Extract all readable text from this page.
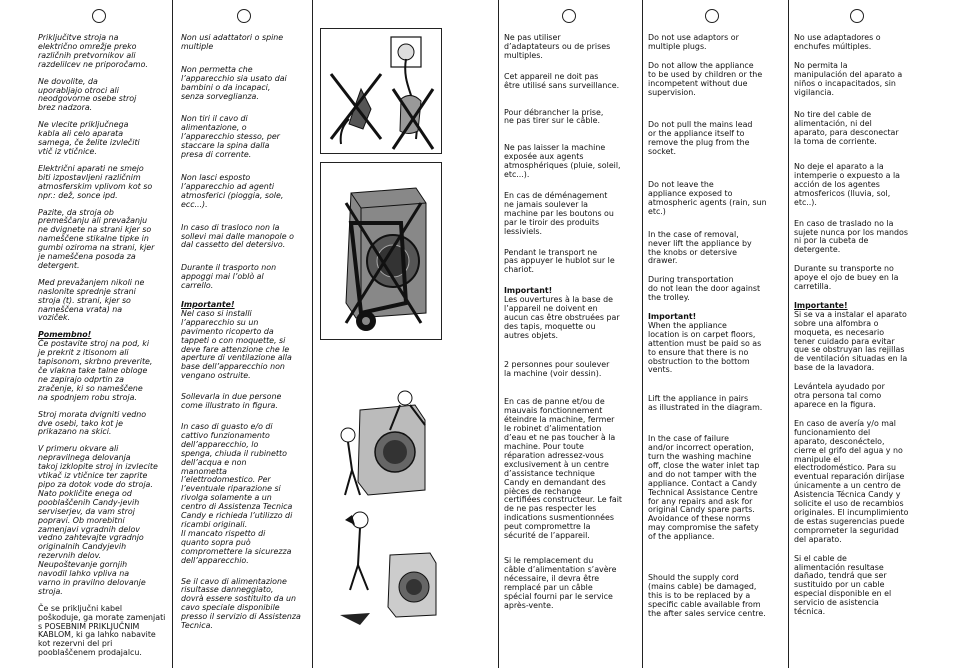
Priključitve stroja na
električno omrežje preko
različnih pretvornikov ali
razdelilcev ne priporočamo.

Ne dovolite, da
uporabljajo otroci ali
neodgovorne osebe stroj
brez nadzora.

Ne vlecite priključnega
kabla ali celo aparata
samega, če želite izvlečiti
vtič iz vtičnice.

Električni aparati ne smejo
biti izpostavljeni različnim
atmosferskim vplivom kot so
npr.: dež, sonce ipd.

Pazite, da stroja ob
premeščanju ali prevažanju
ne dvignete na strani kjer so
nameščene stikalne tipke in
gumbi oziroma na strani, kjer
je nameščena posoda za
detergent.

Med prevažanjem nikoli ne
naslonite sprednje strani
stroja (t). strani, kjer so
nameščena vrata) na
voziček.

Pomembno!

Če postavite stroj na pod, ki
je prekrit z itisonom ali
tapisonom, skrbno preverite,
če vlakna take talne obloge
ne zapirajo odprtin za
zračenje, ki so nameščene
na spodnjem robu stroja.

Stroj morata dvigniti vedno
dve osebi, tako kot je
prikazano na skici.

V primeru okvare ali
nepravilnega delovanja
takoj izklopite stroj in izvlecite
vtikač iz vtičnice ter zaprite
pipo za dotok vode do stroja.
Nato pokličite enega od
pooblaščenih Candy-jevih
serviserjev, da vam stroj
popravi. Ob morebitni
zamenjavi vgradnih delov
vedno zahtevajte vgradnjo
originalnih Candyjevih
rezervnih delov.
Neupoštevanje gornjih
navodil lahko vpliva na
varno in pravilno delovanje
stroja.

Če se priključni kabel
poškoduje, ga morate zamenjati
s POSEBNIM PRIKLJUČNIM
KABLOM, ki ga lahko nabavite
kot rezervni del pri
pooblaščenem prodajalcu.

Non usi adattatori o spine
multiple

Non permetta che
l’apparecchio sia usato dai
bambini o da incapaci,
senza sorveglianza.

Non tiri il cavo di
alimentazione, o
l’apparecchio stesso, per
staccare la spina dalla
presa di corrente.

Non lasci esposto
l’apparecchio ad agenti
atmosferici (pioggia, sole,
ecc...).

In caso di trasloco non la
sollevi mai dalle manopole o
dal cassetto del detersivo.

Durante il trasporto non
appoggi mai l’oblò al
carrello.

Importante!

Nel caso si installi
l’apparecchio su un
pavimento ricoperto da
tappeti o con moquette, si
deve fare attenzione che le
aperture di ventilazione alla
base dell’apparecchio non
vengano ostruite.

Sollevarla in due persone
come illustrato in figura.

In caso di guasto e/o di
cattivo funzionamento
dell’apparecchio, lo
spenga, chiuda il rubinetto
dell’acqua e non
manometta
l’elettrodomestico. Per
l’eventuale riparazione si
rivolga solamente a un
centro di Assistenza Tecnica
Candy e richieda l’utilizzo di
ricambi originali.
Il mancato rispetto di
quanto sopra può
compromettere la sicurezza
dell’apparecchio.

Se il cavo di alimentazione
risultasse danneggiato,
dovrà essere sostituito da un
cavo speciale disponibile
presso il servizio di Assistenza
Tecnica.

Ne pas utiliser
d’adaptateurs ou de prises
multiples.

Cet appareil ne doit pas
être utilisé sans surveillance.

Pour débrancher la prise,
ne pas tirer sur le câble.

Ne pas laisser la machine
exposée aux agents
atmosphériques (pluie, soleil,
etc...).

En cas de déménagement
ne jamais soulever la
machine par les boutons ou
par le tiroir des produits
lessiviels.

Pendant le transport ne
pas appuyer le hublot sur le
chariot.

Important!

Les ouvertures à la base de
l’appareil ne doivent en
aucun cas être obstruées par
des tapis, moquette ou
autres objets.

2 personnes pour soulever
la machine (voir dessin).

En cas de panne et/ou de
mauvais fonctionnement
éteindre la machine, fermer
le robinet d’alimentation
d’eau et ne pas toucher à la
machine. Pour toute
réparation adressez-vous
exclusivement à un centre
d’assistance technique
Candy en demandant des
pièces de rechange
certifiées constructeur. Le fait
de ne pas respecter les
indications susmentionnées
peut compromettre la
sécurité de l’appareil.

Si le remplacement du
câble d’alimentation s’avère
nécessaire, il devra être
remplacé par un câble
spécial fourni par le service
après-vente.

Do not use adaptors or
multiple plugs.

Do not allow the appliance
to be used by children or the
incompetent without due
supervision.

Do not pull the mains lead
or the appliance itself to
remove the plug from the
socket.

Do not leave the
appliance exposed to
atmospheric agents (rain, sun
etc.)

In the case of removal,
never lift the appliance by
the knobs or detersive
drawer.

During transportation
do not lean the door against
the trolley.

Important!

When the appliance
location is on carpet floors,
attention must be paid so as
to ensure that there is no
obstruction to the bottom
vents.

Lift the appliance in pairs
as illustrated in the diagram.

In the case of failure
and/or incorrect operation,
turn the washing machine
off, close the water inlet tap
and do not tamper with the
appliance. Contact a Candy
Technical Assistance Centre
for any repairs and ask for
original Candy spare parts.
Avoidance of these norms
may compromise the safety
of the appliance.

Should the supply cord
(mains cable) be damaged,
this is to be replaced by a
specific cable available from
the after sales service centre.

No use adaptadores o
enchufes múltiples.

No permita la
manipulación del aparato a
niños o incapacitados, sin
vigilancia.

No tire del cable de
alimentación, ni del
aparato, para desconectar
la toma de corriente.

No deje el aparato a la
intemperie o expuesto a la
acción de los agentes
atmosfericos (lluvia, sol,
etc..).

En caso de traslado no la
sujete nunca por los mandos
ni por la cubeta de
detergente.

Durante su transporte no
apoye el ojo de buey en la
carretilla.

Importante!

Si se va a instalar el aparato
sobre una alfombra o
moqueta, es necesario
tener cuidado para evitar
que se obstruyan las rejillas
de ventilación situadas en la
base de la lavadora.

Levántela ayudado por
otra persona tal como
aparece en la figura.

En caso de avería y/o mal
funcionamiento del
aparato, desconéctelo,
cierre el grifo del agua y no
manipule el
electrodoméstico. Para su
eventual reparación diríjase
únicamente a un centro de
Asistencia Técnica Candy y
solicite el uso de recambios
originales. El incumplimiento
de estas sugerencias puede
comprometer la seguridad
del aparato.

Si el cable de
alimentación resultase
dañado, tendrá que ser
sustituido por un cable
especial disponible en el
servicio de asistencia
técnica.
